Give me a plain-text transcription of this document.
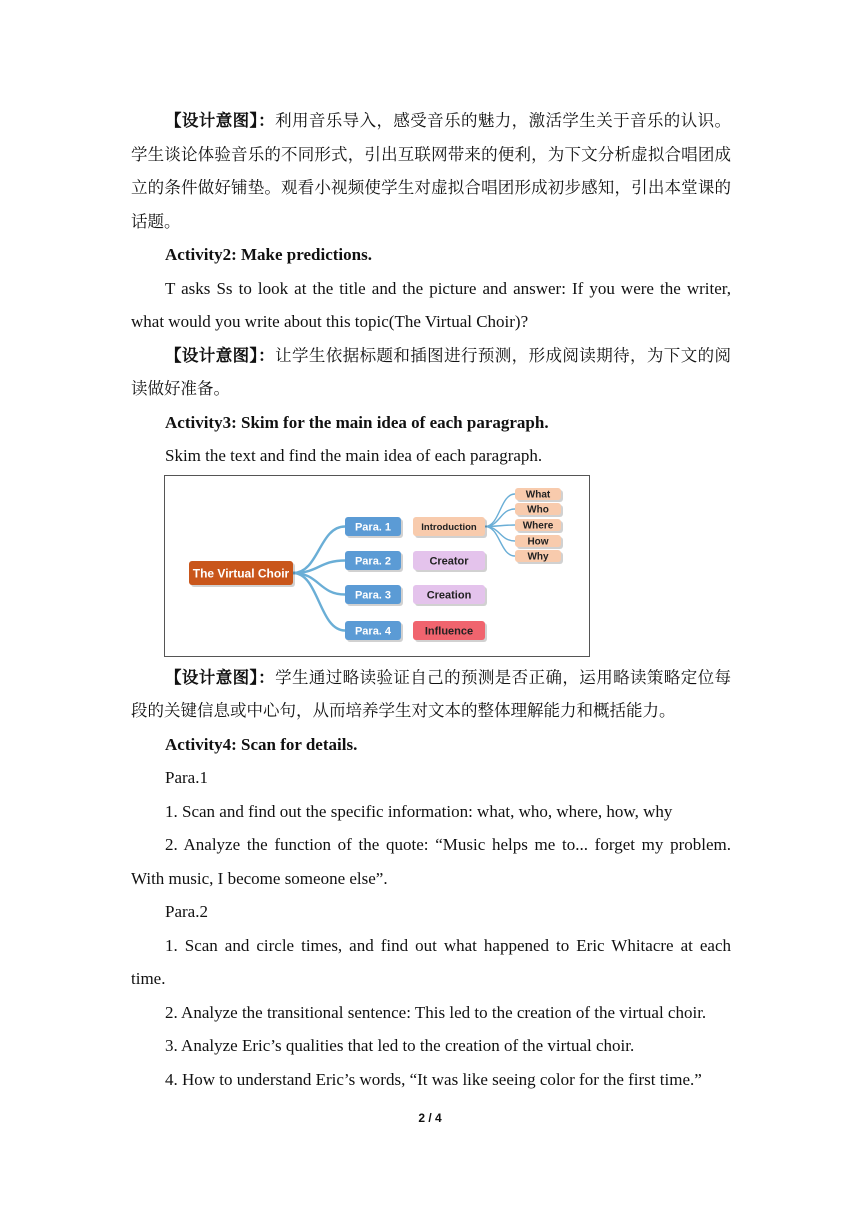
【设计意图】：利用音乐导入，感受音乐的魅力，激活学生关于音乐的认识。学生谈论体验音乐的不同形式，引出互联网带来的便利，为下文分析虚拟合唱团成立的条件做好铺垫。观看小视频使学生对虚拟合唱团形成初步感知，引出本堂课的话题。

Activity2: Make predictions.

T asks Ss to look at the title and the picture and answer: If you were the writer, what would you write about this topic(The Virtual Choir)?

【设计意图】：让学生依据标题和插图进行预测，形成阅读期待，为下文的阅读做好准备。

Activity3: Skim for the main idea of each paragraph.

Skim the text and find the main idea of each paragraph.

The Virtual Choir
Para. 1
Para. 2
Para. 3
Para. 4
Introduction
Creator
Creation
Influence
What
Who
Where
How
Why

【设计意图】：学生通过略读验证自己的预测是否正确，运用略读策略定位每段的关键信息或中心句，从而培养学生对文本的整体理解能力和概括能力。

Activity4: Scan for details.

Para.1

1. Scan and find out the specific information: what, who, where, how, why

2. Analyze the function of the quote: “Music helps me to... forget my problem. With music, I become someone else”.

Para.2

1. Scan and circle times, and find out what happened to Eric Whitacre at each time.

2. Analyze the transitional sentence: This led to the creation of the virtual choir.

3. Analyze Eric’s qualities that led to the creation of the virtual choir.

4. How to understand Eric’s words, “It was like seeing color for the first time.”

2 / 4
